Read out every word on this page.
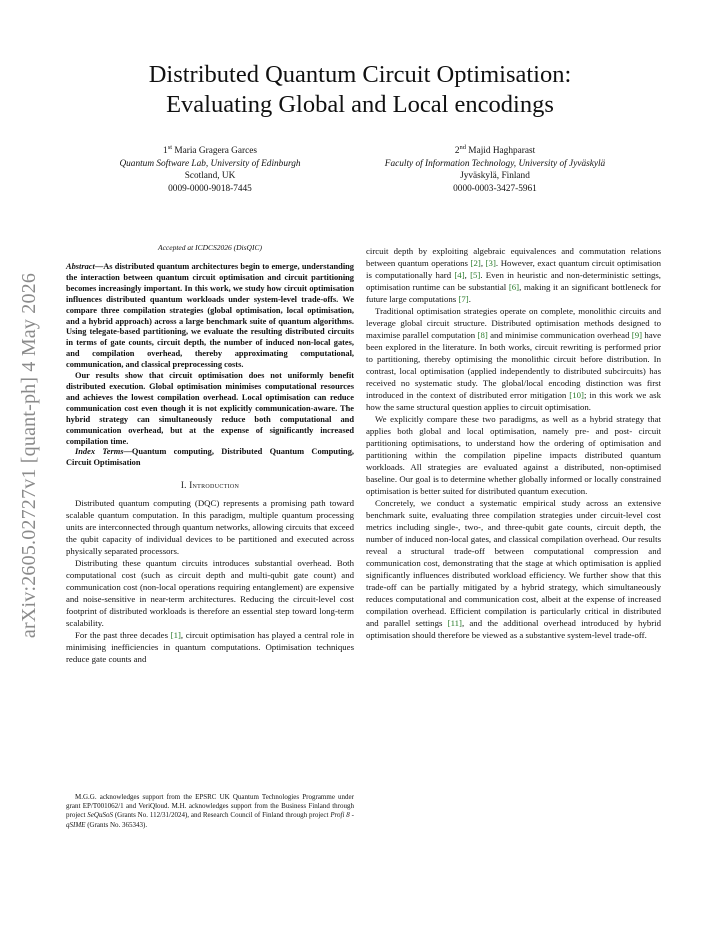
arXiv:2605.02727v1 [quant-ph] 4 May 2026
Distributed Quantum Circuit Optimisation:
Evaluating Global and Local encodings
1st Maria Gragera Garces
Quantum Software Lab, University of Edinburgh
Scotland, UK
0009-0000-9018-7445
2nd Majid Haghparast
Faculty of Information Technology, University of Jyväskylä
Jyväskylä, Finland
0000-0003-3427-5961
Accepted at ICDCS2026 (DisQIC)

Abstract—As distributed quantum architectures begin to emerge, understanding the interaction between quantum circuit optimisation and circuit partitioning becomes increasingly important. In this work, we study how circuit optimisation influences distributed quantum workloads under system-level trade-offs. We compare three compilation strategies (global optimisation, local optimisation, and a hybrid approach) across a large benchmark suite of quantum algorithms. Using telegate-based partitioning, we evaluate the resulting distributed circuits in terms of gate counts, circuit depth, the number of induced non-local gates, and compilation overhead, thereby approximating computational, communication, and classical preprocessing costs.

Our results show that circuit optimisation does not uniformly benefit distributed execution. Global optimisation minimises computational resources and achieves the lowest compilation overhead. Local optimisation can reduce communication cost even though it is not explicitly communication-aware. The hybrid strategy can simultaneously reduce both computational and communication overhead, but at the expense of significantly increased compilation time.

Index Terms—Quantum computing, Distributed Quantum Computing, Circuit Optimisation

I. Introduction

Distributed quantum computing (DQC) represents a promising path toward scalable quantum computation. In this paradigm, multiple quantum processing units are interconnected through quantum networks, allowing circuits that exceed the qubit capacity of individual devices to be partitioned and executed across physically separated processors.

Distributing these quantum circuits introduces substantial overhead. Both computational cost (such as circuit depth and multi-qubit gate count) and communication cost (non-local operations requiring entanglement) are expensive and noise-sensitive in near-term architectures. Reducing the circuit-level cost footprint of distributed workloads is therefore an essential step toward long-term scalability.

For the past three decades [1], circuit optimisation has played a central role in minimising inefficiencies in quantum computations. Optimisation techniques reduce gate counts and

circuit depth by exploiting algebraic equivalences and commutation relations between quantum operations [2], [3]. However, exact quantum circuit optimisation is computationally hard [4], [5]. Even in heuristic and non-deterministic settings, optimisation runtime can be substantial [6], making it an significant bottleneck for future large computations [7].

Traditional optimisation strategies operate on complete, monolithic circuits and leverage global circuit structure. Distributed optimisation methods designed to maximise parallel computation [8] and minimise communication overhead [9] have been explored in the literature. In both works, circuit rewriting is performed prior to partitioning, thereby optimising the monolithic circuit before distribution. In contrast, local optimisation (applied independently to distributed subcircuits) has received no systematic study. The global/local encoding distinction was first introduced in the context of distributed error mitigation [10]; in this work we ask how the same structural question applies to circuit optimisation.

We explicitly compare these two paradigms, as well as a hybrid strategy that applies both global and local optimisation, namely pre- and post- circuit partitioning optimisations, to understand how the ordering of optimisation and partitioning within the compilation pipeline impacts distributed quantum workloads. All strategies are evaluated against a distributed, non-optimised baseline. Our goal is to determine whether globally informed or locally constrained optimisation is better suited for distributed quantum execution.

Concretely, we conduct a systematic empirical study across an extensive benchmark suite, evaluating three compilation strategies under circuit-level cost metrics including single-, two-, and three-qubit gate counts, circuit depth, the number of induced non-local gates, and classical compilation overhead. Our results reveal a structural trade-off between computational compression and communication cost, demonstrating that the stage at which optimisation is applied significantly influences distributed workload efficiency. We further show that this trade-off can be partially mitigated by a hybrid strategy, which simultaneously reduces computational and communication cost, albeit at the expense of increased compilation overhead. Efficient compilation is particularly critical in distributed and parallel settings [11], and the additional overhead introduced by hybrid optimisation should therefore be viewed as a substantive system-level trade-off.

M.G.G. acknowledges support from the EPSRC UK Quantum Technologies Programme under grant EP/T001062/1 and VeriQloud. M.H. acknowledges support from the Business Finland through project SeQuSoS (Grants No. 112/31/2024), and Research Council of Finland through project Profi 8 - qSIME (Grants No. 365343).
